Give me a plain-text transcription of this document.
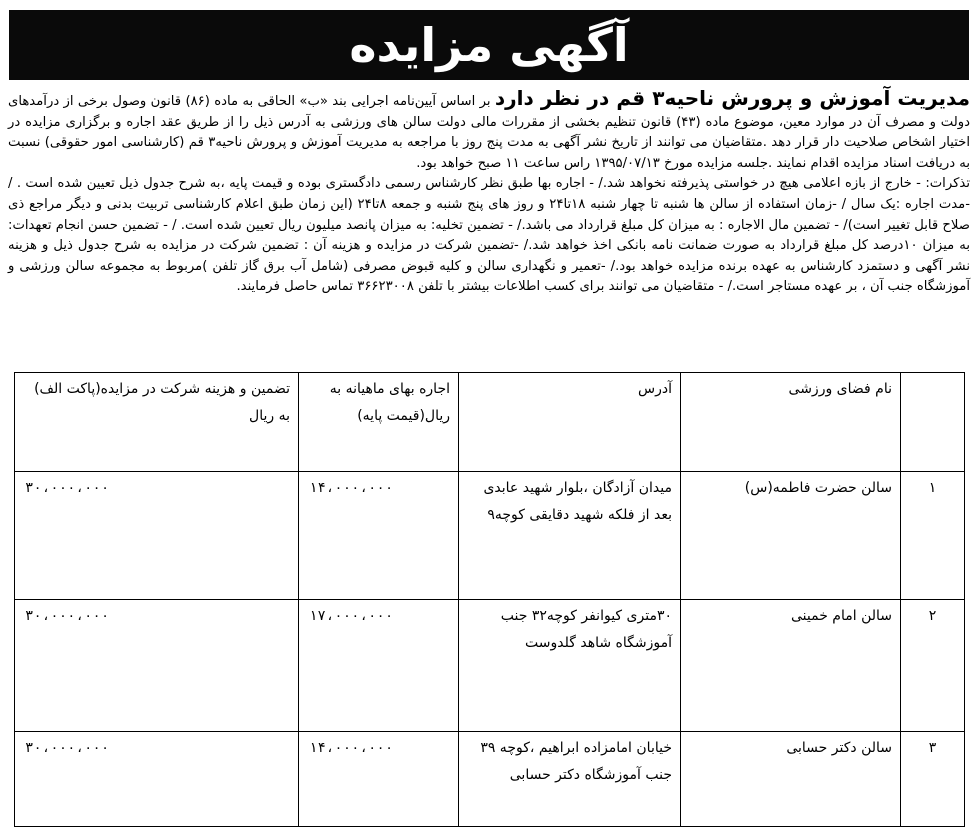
آگهی مزایده

مدیریت آموزش و پرورش ناحیه۳ قم در نظر دارد بر اساس آیین‌نامه اجرایی بند «ب» الحاقی به ماده (۸۶) قانون وصول برخی از درآمدهای دولت و مصرف آن در موارد معین، موضوع ماده (۴۳) قانون تنظیم بخشی از مقررات مالی دولت سالن های ورزشی به آدرس ذیل را از طریق عقد اجاره و برگزاری مزایده در اختیار اشخاص صلاحیت دار قرار دهد .متقاضیان می توانند از تاریخ نشر آگهی به مدت پنج روز با مراجعه به مدیریت آموزش و پرورش ناحیه۳ قم (کارشناسی امور حقوقی) نسبت به دریافت اسناد مزایده اقدام نمایند .جلسه مزایده مورخ ۱۳۹۵/۰۷/۱۳ راس ساعت ۱۱ صبح خواهد بود.

تذکرات: - خارج از بازه اعلامی هیچ در خواستی پذیرفته نخواهد شد./ - اجاره بها طبق نظر کارشناس رسمی دادگستری بوده و قیمت پایه ،به شرح جدول ذیل تعیین شده است . / -مدت اجاره :یک سال / -زمان استفاده از سالن ها شنبه تا چهار شنبه ۱۸تا۲۴ و روز های پنج شنبه و جمعه ۸تا۲۴ (این زمان طبق اعلام کارشناسی تربیت بدنی و دیگر مراجع ذی صلاح قابل تغییر است)/ - تضمین مال الاجاره : به میزان کل مبلغ قرارداد می باشد./ - تضمین تخلیه: به میزان پانصد میلیون ریال تعیین شده است. / - تضمین حسن انجام تعهدات: به میزان ۱۰درصد کل مبلغ قرارداد به صورت ضمانت نامه بانکی اخذ خواهد شد./ -تضمین شرکت در مزایده و هزینه آن : تضمین شرکت در مزایده به شرح جدول ذیل و هزینه نشر آگهی و دستمزد کارشناس به عهده برنده مزایده خواهد بود./ -تعمیر و نگهداری سالن و کلیه قبوض مصرفی (شامل آب برق گاز تلفن )مربوط به مجموعه سالن ورزشی و آموزشگاه جنب آن ، بر عهده مستاجر است./ - متقاضیان می توانند برای کسب اطلاعات بیشتر با تلفن ۳۶۶۲۳۰۰۸ تماس حاصل فرمایند.

	نام فضای ورزشی	آدرس	اجاره بهای ماهیانه به ریال(قیمت پایه)	تضمین و هزینه شرکت در مزایده(پاکت الف) به ریال
۱	سالن حضرت فاطمه(س)	میدان آزادگان ،بلوار شهید عابدی بعد از فلکه شهید دقایقی کوچه۹	۱۴،۰۰۰،۰۰۰	۳۰،۰۰۰،۰۰۰
۲	سالن امام خمینی	۳۰متری کیوانفر کوچه۳۲ جنب آموزشگاه شاهد گلدوست	۱۷،۰۰۰،۰۰۰	۳۰،۰۰۰،۰۰۰
۳	سالن دکتر حسابی	خیابان امامزاده ابراهیم ،کوچه ۳۹ جنب آموزشگاه دکتر حسابی	۱۴،۰۰۰،۰۰۰	۳۰،۰۰۰،۰۰۰
